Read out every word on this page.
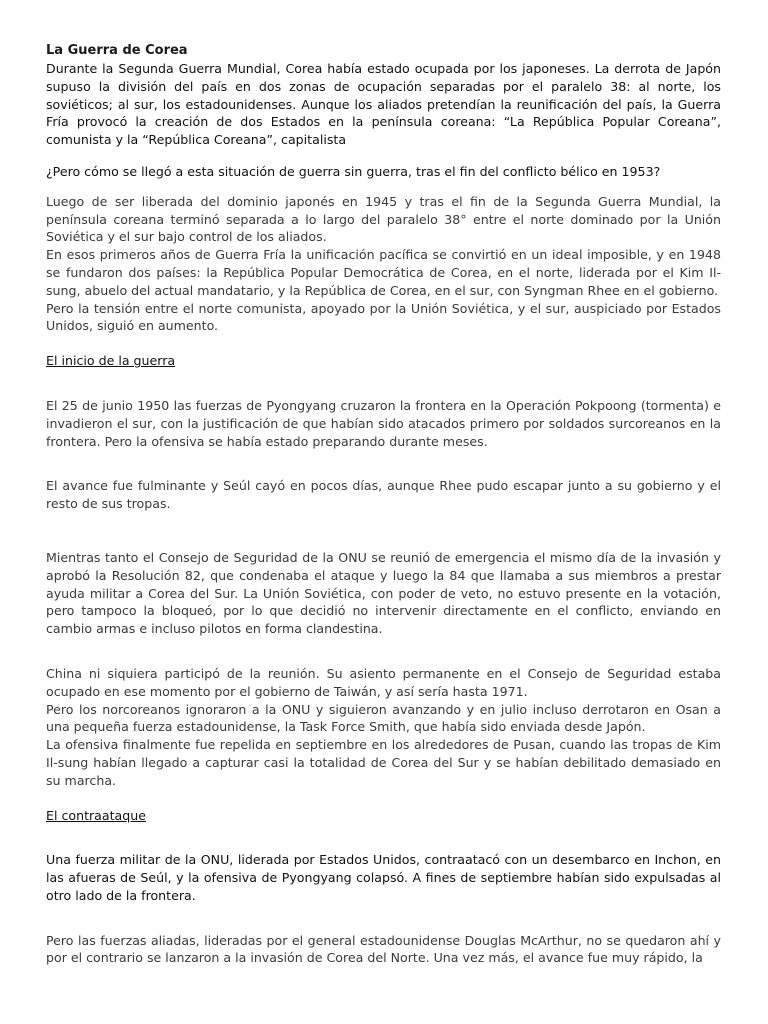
La Guerra de Corea

Durante la Segunda Guerra Mundial, Corea había estado ocupada por los japoneses. La derrota de Japón supuso la división del país en dos zonas de ocupación separadas por el paralelo 38: al norte, los soviéticos; al sur, los estadounidenses. Aunque los aliados pretendían la reunificación del país, la Guerra Fría provocó la creación de dos Estados en la península coreana: “La República Popular Coreana”, comunista y la “República Coreana”, capitalista

¿Pero cómo se llegó a esta situación de guerra sin guerra, tras el fin del conflicto bélico en 1953?

Luego de ser liberada del dominio japonés en 1945 y tras el fin de la Segunda Guerra Mundial, la península coreana terminó separada a lo largo del paralelo 38° entre el norte dominado por la Unión Soviética y el sur bajo control de los aliados.

En esos primeros años de Guerra Fría la unificación pacífica se convirtió en un ideal imposible, y en 1948 se fundaron dos países: la República Popular Democrática de Corea, en el norte, liderada por el Kim Il-sung, abuelo del actual mandatario, y la República de Corea, en el sur, con Syngman Rhee en el gobierno.

Pero la tensión entre el norte comunista, apoyado por la Unión Soviética, y el sur, auspiciado por Estados Unidos, siguió en aumento.

El inicio de la guerra

El 25 de junio 1950 las fuerzas de Pyongyang cruzaron la frontera en la Operación Pokpoong (tormenta) e invadieron el sur, con la justificación de que habían sido atacados primero por soldados surcoreanos en la frontera. Pero la ofensiva se había estado preparando durante meses.

El avance fue fulminante y Seúl cayó en pocos días, aunque Rhee pudo escapar junto a su gobierno y el resto de sus tropas.

Mientras tanto el Consejo de Seguridad de la ONU se reunió de emergencia el mismo día de la invasión y aprobó la Resolución 82, que condenaba el ataque y luego la 84 que llamaba a sus miembros a prestar ayuda militar a Corea del Sur. La Unión Soviética, con poder de veto, no estuvo presente en la votación, pero tampoco la bloqueó, por lo que decidió no intervenir directamente en el conflicto, enviando en cambio armas e incluso pilotos en forma clandestina.

China ni siquiera participó de la reunión. Su asiento permanente en el Consejo de Seguridad estaba ocupado en ese momento por el gobierno de Taiwán, y así sería hasta 1971.

Pero los norcoreanos ignoraron a la ONU y siguieron avanzando y en julio incluso derrotaron en Osan a una pequeña fuerza estadounidense, la Task Force Smith, que había sido enviada desde Japón.

La ofensiva finalmente fue repelida en septiembre en los alrededores de Pusan, cuando las tropas de Kim Il-sung habían llegado a capturar casi la totalidad de Corea del Sur y se habían debilitado demasiado en su marcha.

El contraataque

Una fuerza militar de la ONU, liderada por Estados Unidos, contraatacó con un desembarco en Inchon, en las afueras de Seúl, y la ofensiva de Pyongyang colapsó. A fines de septiembre habían sido expulsadas al otro lado de la frontera.

Pero las fuerzas aliadas, lideradas por el general estadounidense Douglas McArthur, no se quedaron ahí y por el contrario se lanzaron a la invasión de Corea del Norte. Una vez más, el avance fue muy rápido, la
